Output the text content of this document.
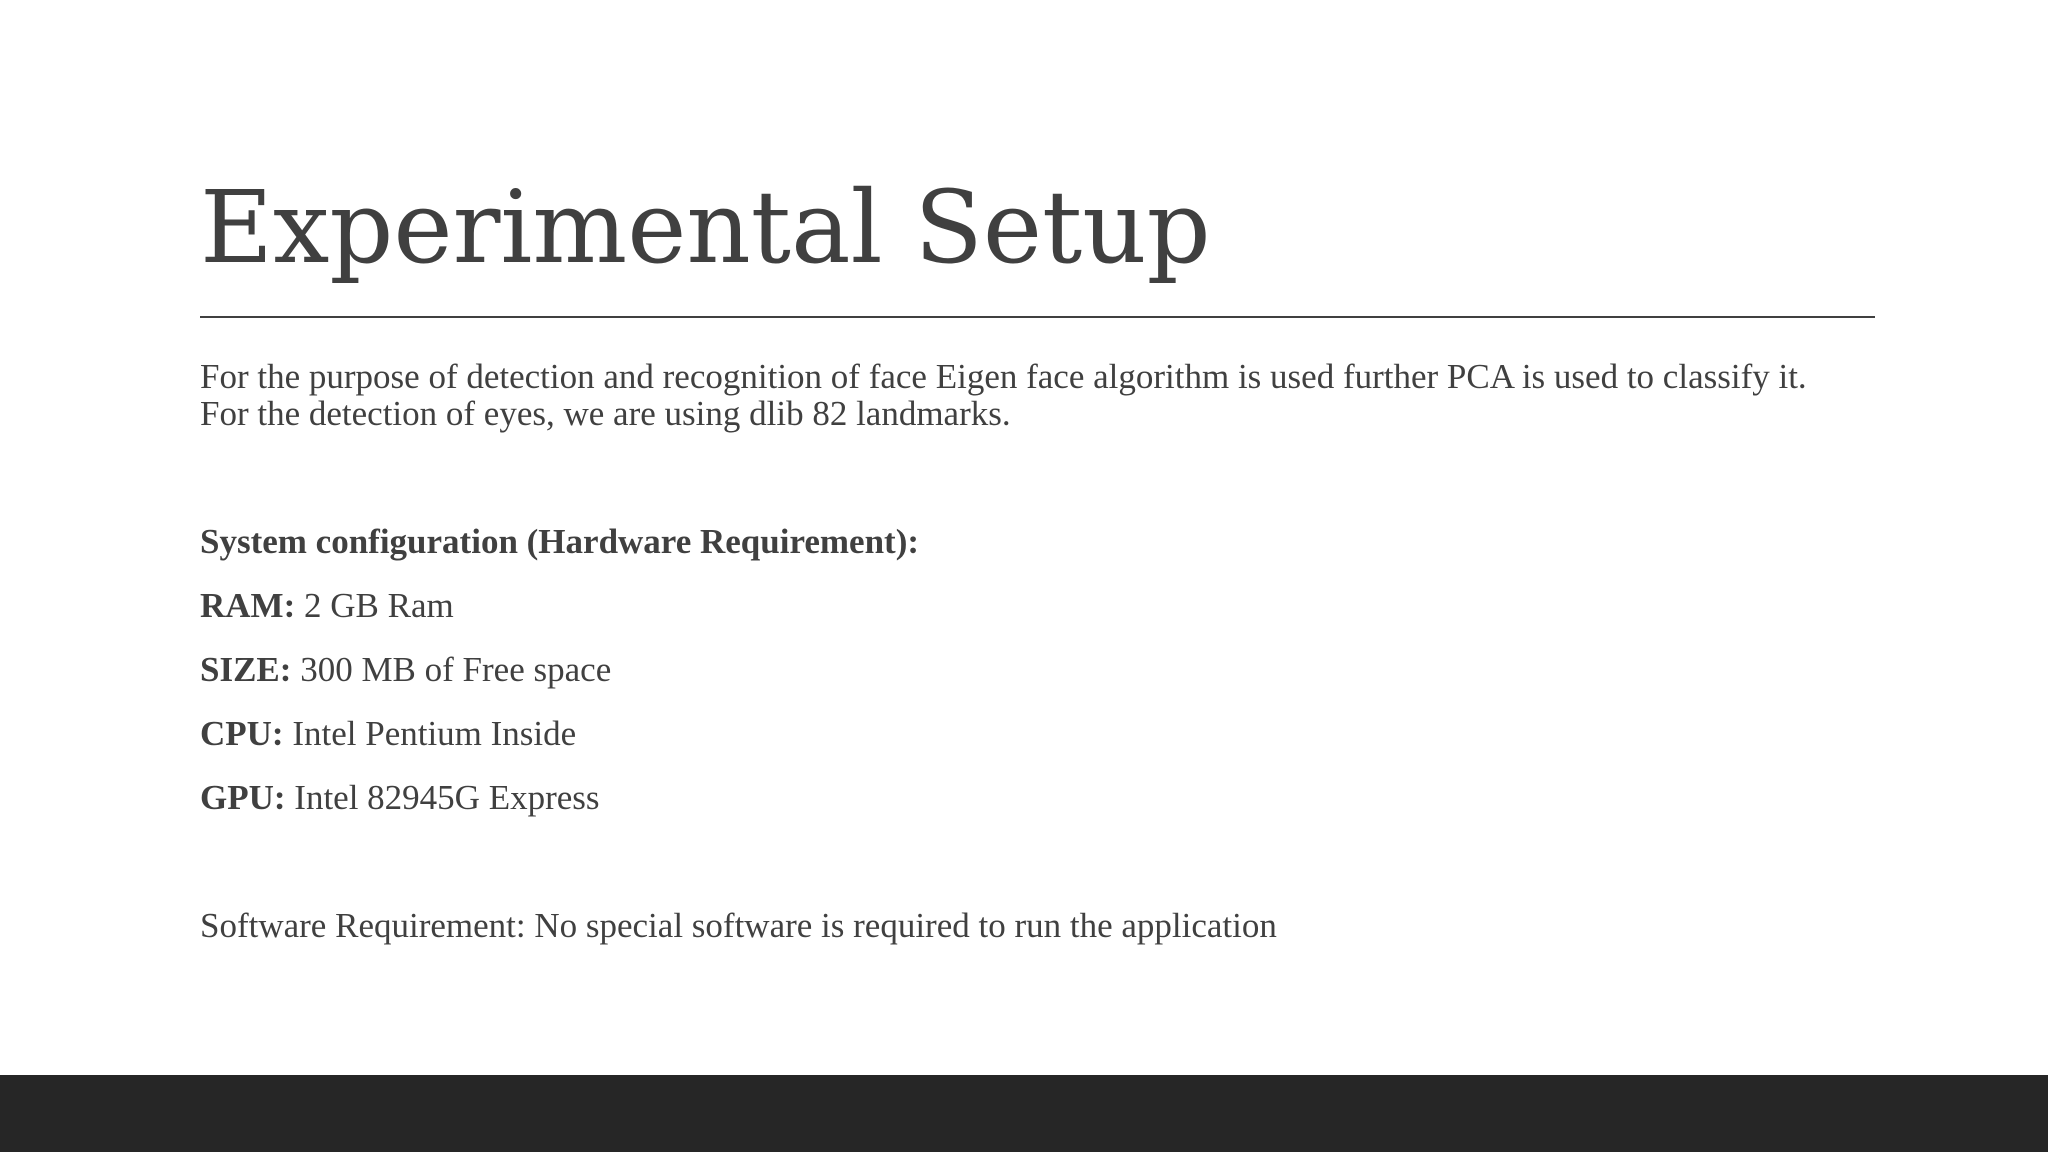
Experimental Setup

For the purpose of detection and recognition of face Eigen face algorithm is used further PCA is used to classify it.

For the detection of eyes, we are using dlib 82 landmarks.

System configuration (Hardware Requirement):

RAM: 2 GB Ram

SIZE: 300 MB of Free space

CPU: Intel Pentium Inside

GPU: Intel 82945G Express

Software Requirement: No special software is required to run the application
